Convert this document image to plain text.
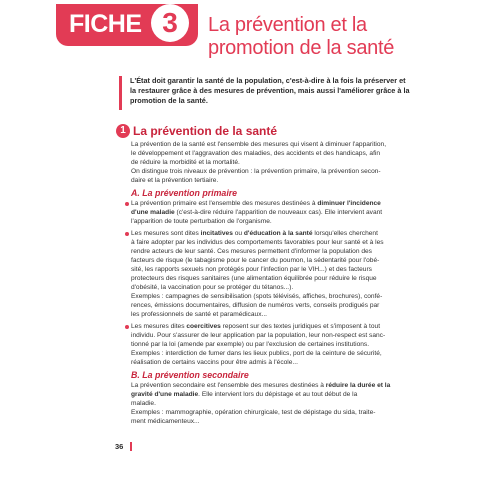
FICHE 3	La prévention et la
promotion de la santé
L'État doit garantir la santé de la population, c'est-à-dire à la fois la préserver et
la restaurer grâce à des mesures de prévention, mais aussi l'améliorer grâce à la
promotion de la santé.
1 La prévention de la santé
La prévention de la santé est l'ensemble des mesures qui visent à diminuer l'apparition,
le développement et l'aggravation des maladies, des accidents et des handicaps, afin
de réduire la morbidité et la mortalité.
On distingue trois niveaux de prévention : la prévention primaire, la prévention secon-
daire et la prévention tertiaire.
A. La prévention primaire
La prévention primaire est l'ensemble des mesures destinées à diminuer l'incidence
d'une maladie (c'est-à-dire réduire l'apparition de nouveaux cas). Elle intervient avant
l'apparition de toute perturbation de l'organisme.
Les mesures sont dites incitatives ou d'éducation à la santé lorsqu'elles cherchent
à faire adopter par les individus des comportements favorables pour leur santé et à les
rendre acteurs de leur santé. Ces mesures permettent d'informer la population des
facteurs de risque (le tabagisme pour le cancer du poumon, la sédentarité pour l'obé-
sité, les rapports sexuels non protégés pour l'infection par le VIH...) et des facteurs
protecteurs des risques sanitaires (une alimentation équilibrée pour réduire le risque
d'obésité, la vaccination pour se protéger du tétanos...).
Exemples : campagnes de sensibilisation (spots télévisés, affiches, brochures), confé-
rences, émissions documentaires, diffusion de numéros verts, conseils prodigués par
les professionnels de santé et paramédicaux...
Les mesures dites coercitives reposent sur des textes juridiques et s'imposent à tout
individu. Pour s'assurer de leur application par la population, leur non-respect est sanc-
tionné par la loi (amende par exemple) ou par l'exclusion de certaines institutions.
Exemples : interdiction de fumer dans les lieux publics, port de la ceinture de sécurité,
réalisation de certains vaccins pour être admis à l'école...
B. La prévention secondaire
La prévention secondaire est l'ensemble des mesures destinées à réduire la durée et la
gravité d'une maladie. Elle intervient lors du dépistage et au tout début de la
maladie.
Exemples : mammographie, opération chirurgicale, test de dépistage du sida, traite-
ment médicamenteux...
36
